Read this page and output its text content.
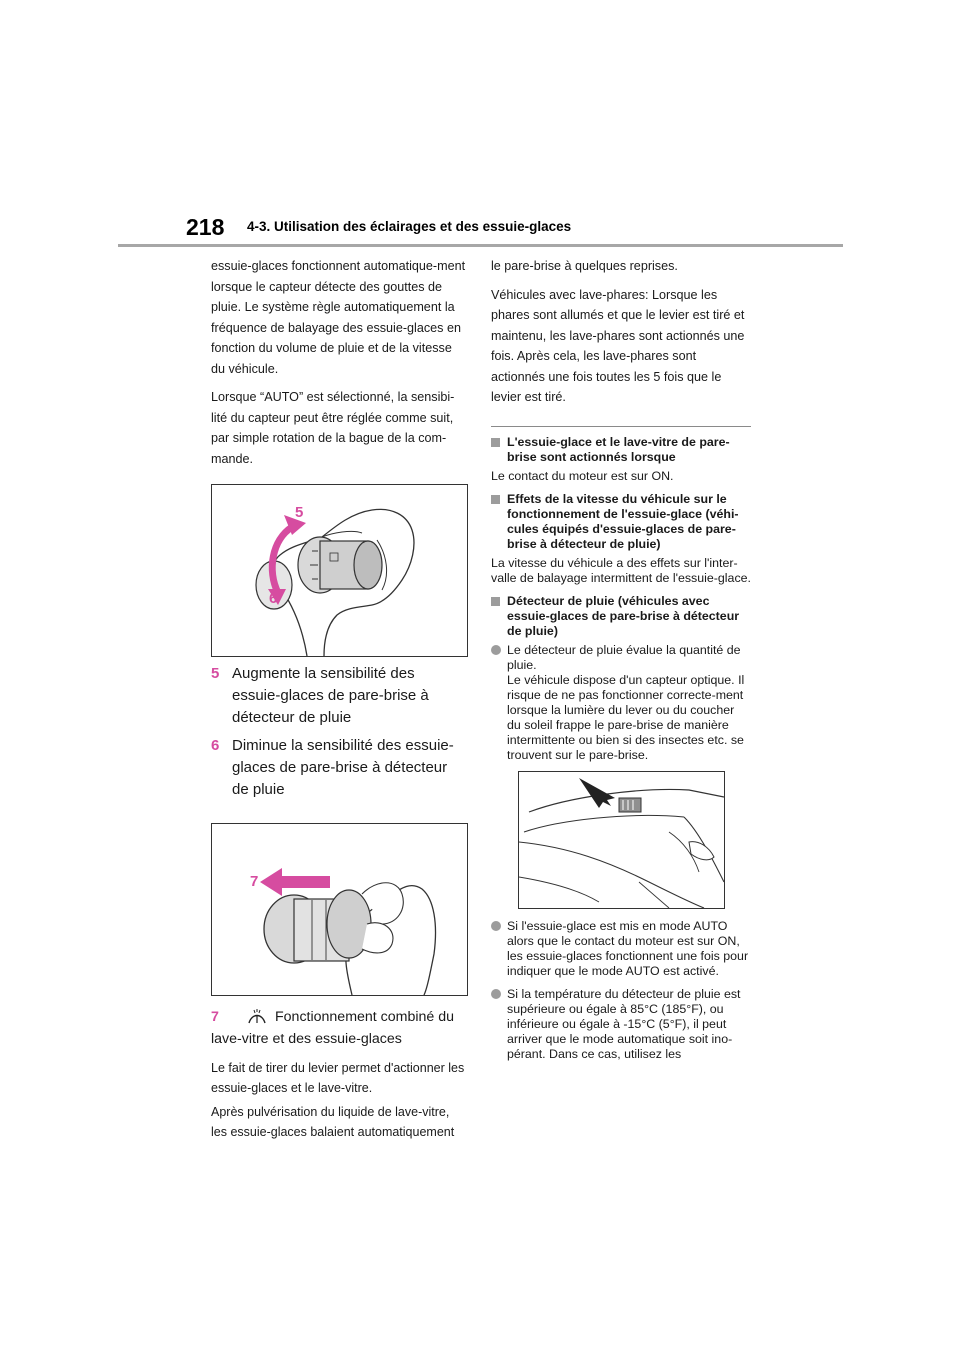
218 4-3. Utilisation des éclairages et des essuie-glaces

essuie-glaces fonctionnent automatique-ment lorsque le capteur détecte des gouttes de pluie. Le système règle automatiquement la fréquence de balayage des essuie-glaces en fonction du volume de pluie et de la vitesse du véhicule.

Lorsque “AUTO” est sélectionné, la sensibi-lité du capteur peut être réglée comme suit, par simple rotation de la bague de la com-mande.

5
6
5 Augmente la sensibilité des essuie-glaces de pare-brise à détecteur de pluie
6 Diminue la sensibilité des essuie-glaces de pare-brise à détecteur de pluie
7
7	Fonctionnement combiné du
lave-vitre et des essuie-glaces

Le fait de tirer du levier permet d'actionner les essuie-glaces et le lave-vitre.

Après pulvérisation du liquide de lave-vitre, les essuie-glaces balaient automatiquement

le pare-brise à quelques reprises.

Véhicules avec lave-phares: Lorsque les phares sont allumés et que le levier est tiré et maintenu, les lave-phares sont actionnés une fois. Après cela, les lave-phares sont actionnés une fois toutes les 5 fois que le levier est tiré.

L'essuie-glace et le lave-vitre de pare-brise sont actionnés lorsque
Le contact du moteur est sur ON.
Effets de la vitesse du véhicule sur le fonctionnement de l'essuie-glace (véhi-cules équipés d'essuie-glaces de pare-brise à détecteur de pluie)
La vitesse du véhicule a des effets sur l'inter-valle de balayage intermittent de l'essuie-glace.
Détecteur de pluie (véhicules avec essuie-glaces de pare-brise à détecteur de pluie)
Le détecteur de pluie évalue la quantité de pluie.
Le véhicule dispose d'un capteur optique. Il risque de ne pas fonctionner correcte-ment lorsque la lumière du lever ou du coucher du soleil frappe le pare-brise de manière intermittente ou bien si des insectes etc. se trouvent sur le pare-brise.
Si l'essuie-glace est mis en mode AUTO alors que le contact du moteur est sur ON, les essuie-glaces fonctionnent une fois pour indiquer que le mode AUTO est activé.
Si la température du détecteur de pluie est supérieure ou égale à 85°C (185°F), ou inférieure ou égale à -15°C (5°F), il peut arriver que le mode automatique soit ino-pérant. Dans ce cas, utilisez les
